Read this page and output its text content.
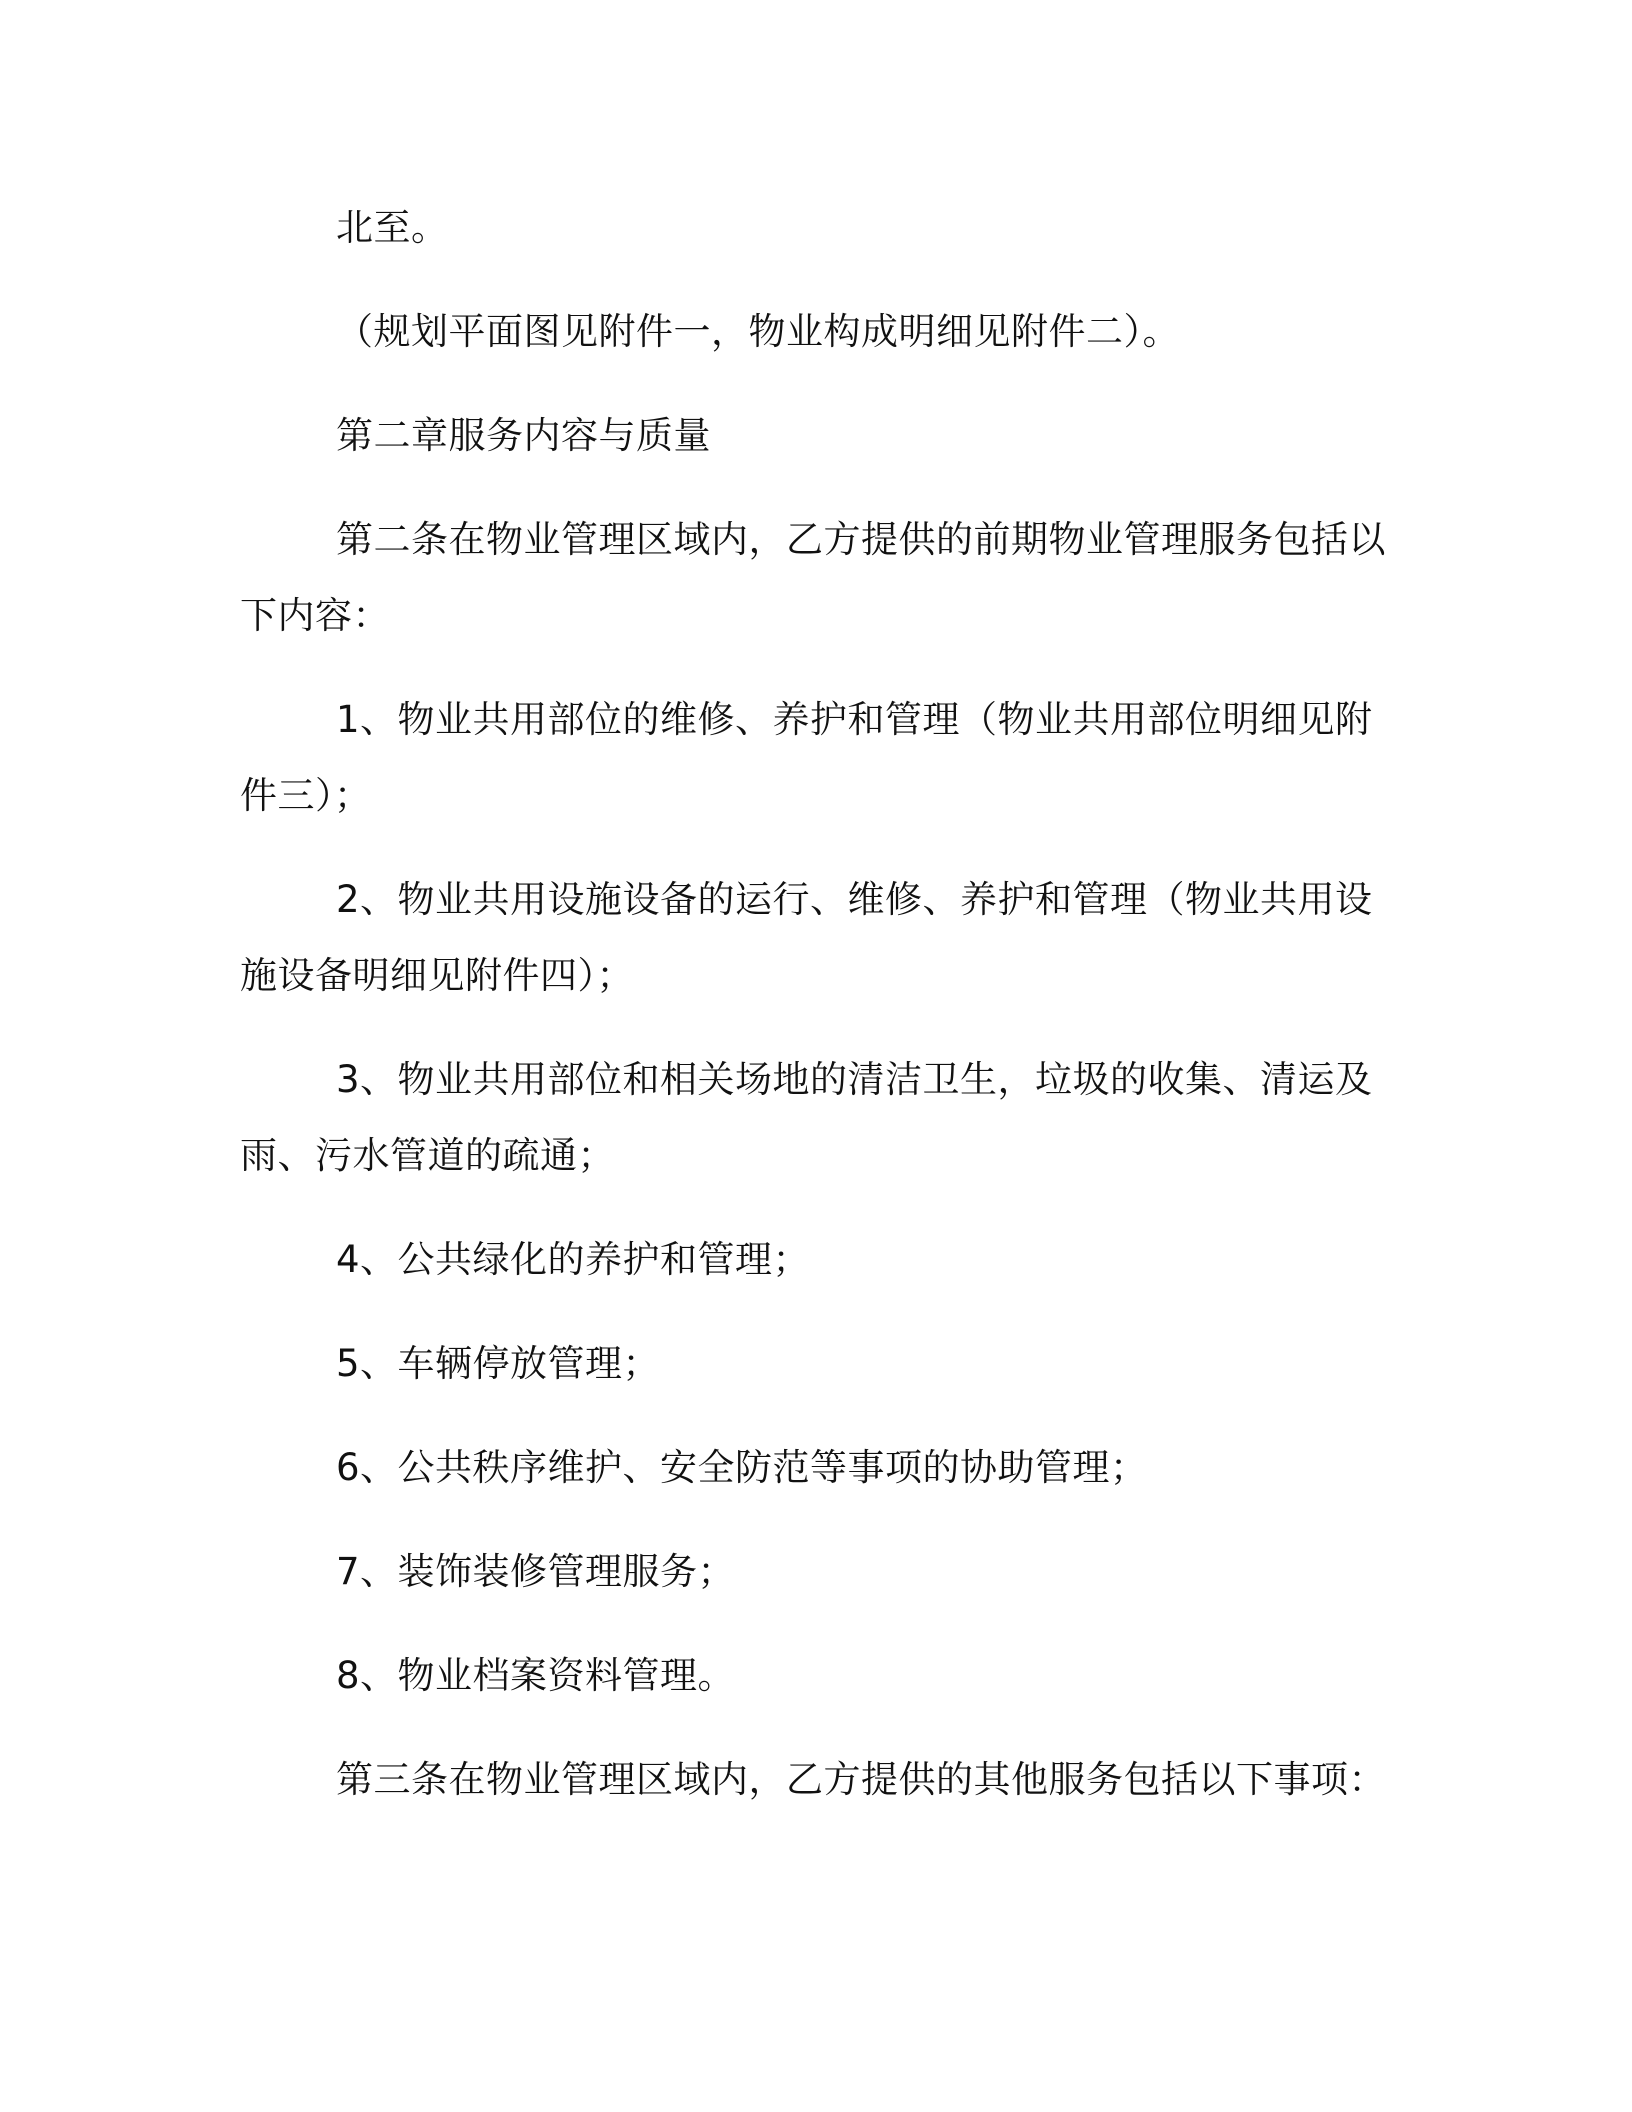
北至。

（规划平面图见附件一，物业构成明细见附件二）。

第二章服务内容与质量

第二条在物业管理区域内，乙方提供的前期物业管理服务包括以下内容：

1、物业共用部位的维修、养护和管理（物业共用部位明细见附件三）；

2、物业共用设施设备的运行、维修、养护和管理（物业共用设施设备明细见附件四）；

3、物业共用部位和相关场地的清洁卫生，垃圾的收集、清运及雨、污水管道的疏通；

4、公共绿化的养护和管理；

5、车辆停放管理；

6、公共秩序维护、安全防范等事项的协助管理；

7、装饰装修管理服务；

8、物业档案资料管理。

第三条在物业管理区域内，乙方提供的其他服务包括以下事项：
